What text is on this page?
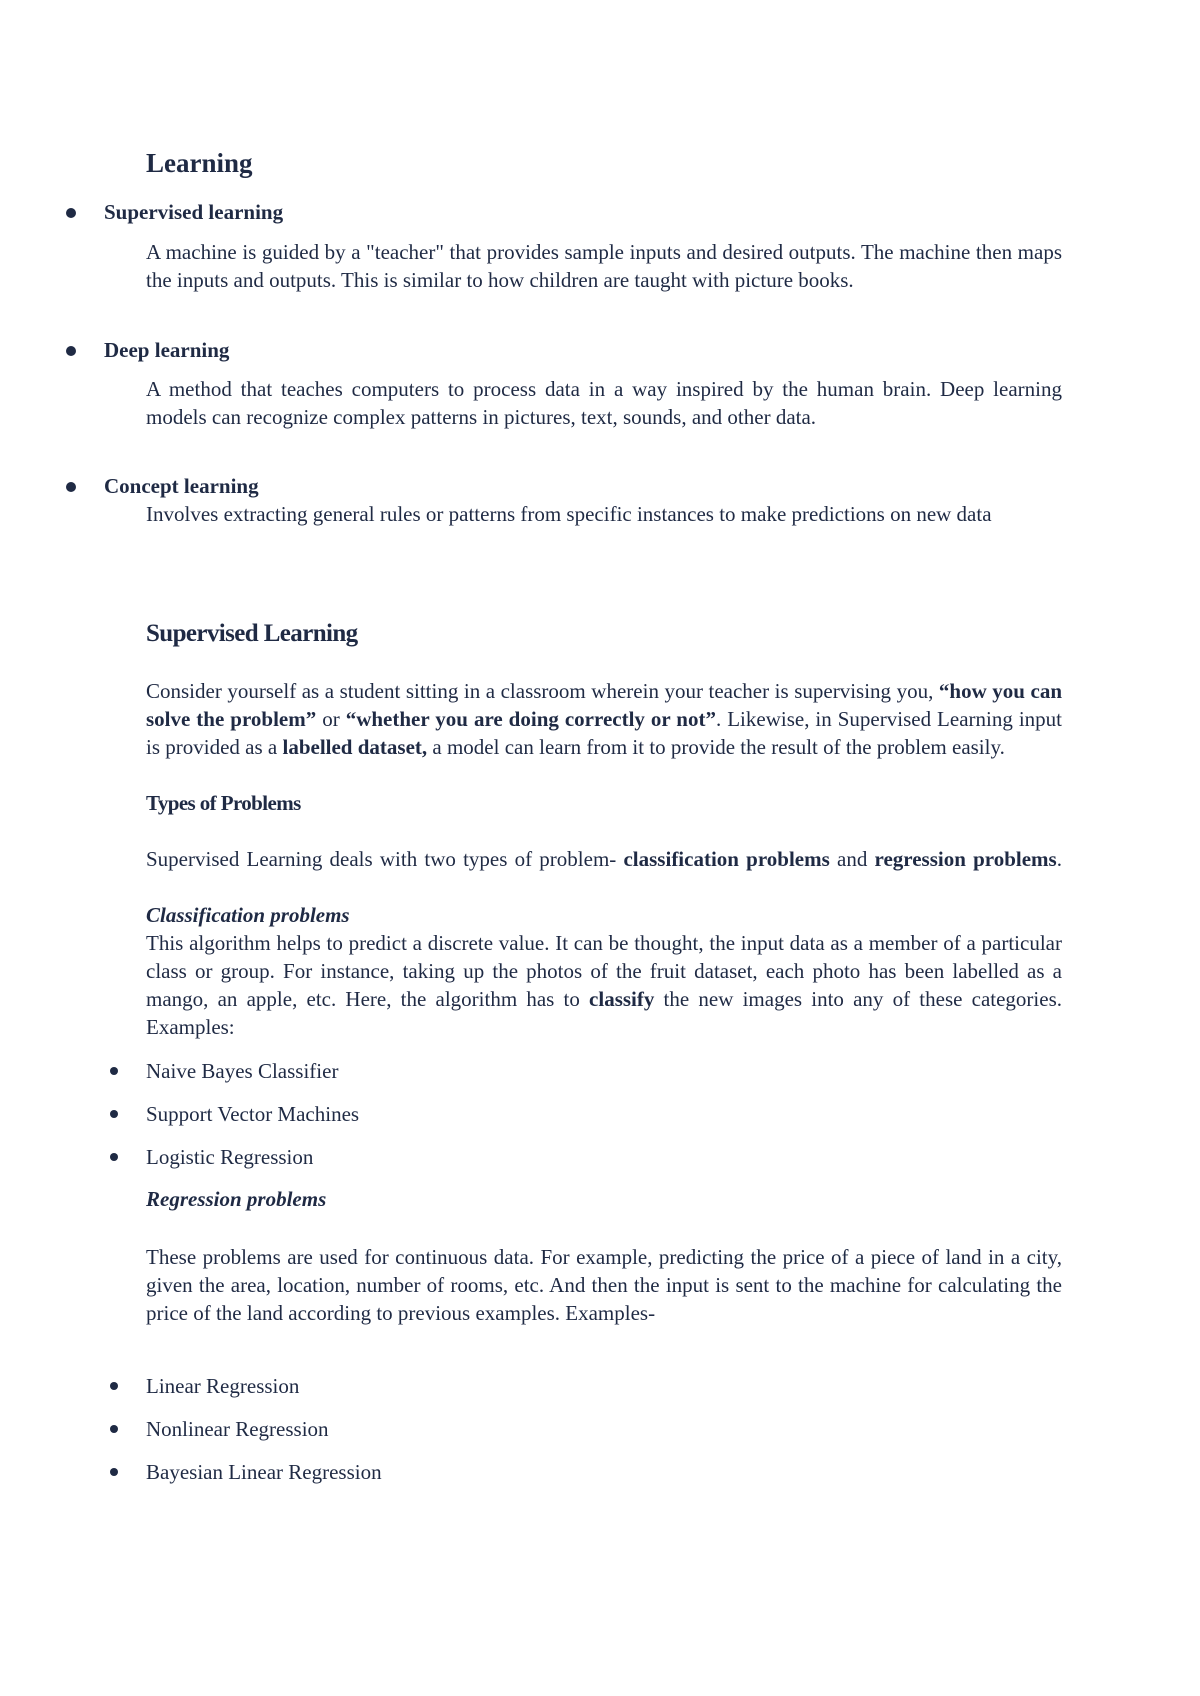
Learning
Supervised learning
A machine is guided by a "teacher" that provides sample inputs and desired outputs. The machine then maps the inputs and outputs. This is similar to how children are taught with picture books.
Deep learning
A method that teaches computers to process data in a way inspired by the human brain. Deep learning models can recognize complex patterns in pictures, text, sounds, and other data.
Concept learning
Involves extracting general rules or patterns from specific instances to make predictions on new data
Supervised Learning
Consider yourself as a student sitting in a classroom wherein your teacher is supervising you, “how you can solve the problem” or “whether you are doing correctly or not”. Likewise, in Supervised Learning input is provided as a labelled dataset, a model can learn from it to provide the result of the problem easily.
Types of Problems
Supervised Learning deals with two types of problem- classification problems and regression problems.
Classification problems
This algorithm helps to predict a discrete value. It can be thought, the input data as a member of a particular class or group. For instance, taking up the photos of the fruit dataset, each photo has been labelled as a mango, an apple, etc. Here, the algorithm has to classify the new images into any of these categories. Examples:
Naive Bayes Classifier
Support Vector Machines
Logistic Regression
Regression problems
These problems are used for continuous data. For example, predicting the price of a piece of land in a city, given the area, location, number of rooms, etc. And then the input is sent to the machine for calculating the price of the land according to previous examples. Examples-
Linear Regression
Nonlinear Regression
Bayesian Linear Regression
